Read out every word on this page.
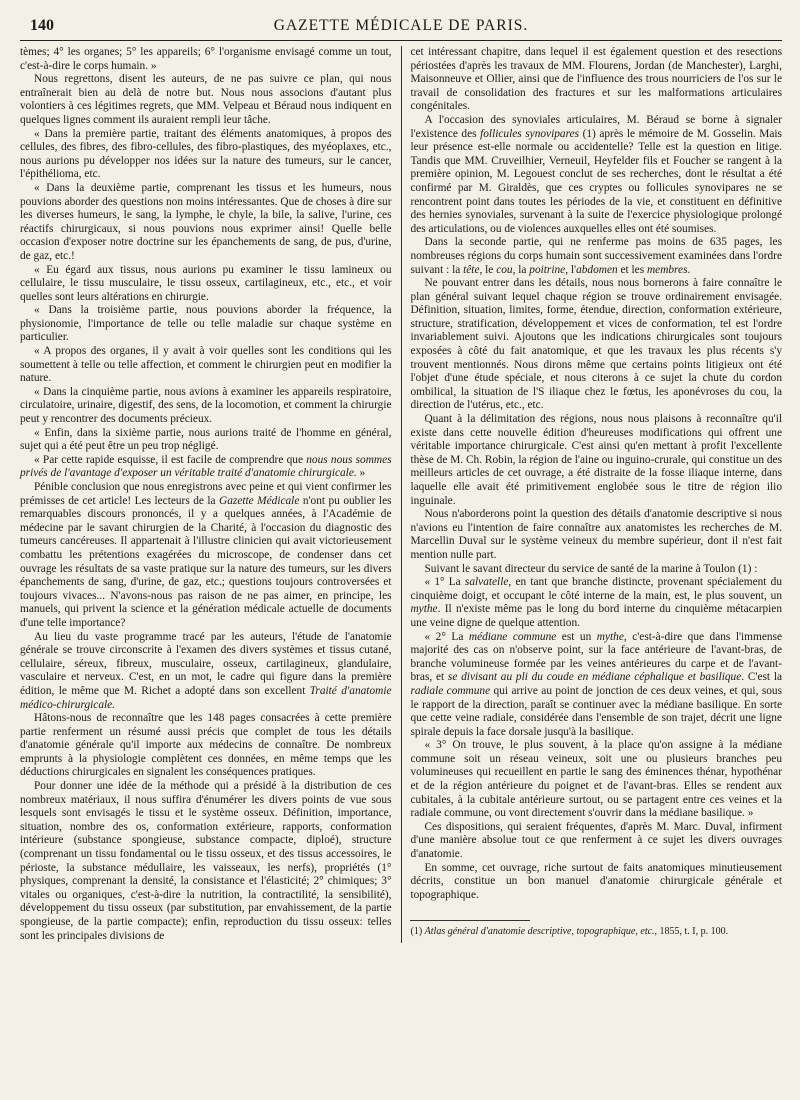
140	GAZETTE MÉDICALE DE PARIS.

tèmes; 4° les organes; 5° les appareils; 6° l'organisme envisagé comme un tout, c'est-à-dire le corps humain. »

Nous regrettons, disent les auteurs, de ne pas suivre ce plan, qui nous entraînerait bien au delà de notre but. Nous nous associons d'autant plus volontiers à ces légitimes regrets, que MM. Velpeau et Béraud nous indiquent en quelques lignes comment ils auraient rempli leur tâche.

« Dans la première partie, traitant des éléments anatomiques, à propos des cellules, des fibres, des fibro-cellules, des fibro-plastiques, des myéoplaxes, etc., nous aurions pu développer nos idées sur la nature des tumeurs, sur le cancer, l'épithélioma, etc.

« Dans la deuxième partie, comprenant les tissus et les humeurs, nous pouvions aborder des questions non moins intéressantes. Que de choses à dire sur les diverses humeurs, le sang, la lymphe, le chyle, la bile, la salive, l'urine, ces réactifs chirurgicaux, si nous pouvions nous exprimer ainsi! Quelle belle occasion d'exposer notre doctrine sur les épanchements de sang, de pus, d'urine, de gaz, etc.!

« Eu égard aux tissus, nous aurions pu examiner le tissu lamineux ou cellulaire, le tissu musculaire, le tissu osseux, cartilagineux, etc., etc., et voir quelles sont leurs altérations en chirurgie.

« Dans la troisième partie, nous pouvions aborder la fréquence, la physionomie, l'importance de telle ou telle maladie sur chaque système en particulier.

« A propos des organes, il y avait à voir quelles sont les conditions qui les soumettent à telle ou telle affection, et comment le chirurgien peut en modifier la nature.

« Dans la cinquième partie, nous avions à examiner les appareils respiratoire, circulatoire, urinaire, digestif, des sens, de la locomotion, et comment la chirurgie peut y rencontrer des documents précieux.

« Enfin, dans la sixième partie, nous aurions traité de l'homme en général, sujet qui a été peut être un peu trop négligé.

« Par cette rapide esquisse, il est facile de comprendre que nous nous sommes privés de l'avantage d'exposer un véritable traité d'anatomie chirurgicale. »

Pénible conclusion que nous enregistrons avec peine et qui vient confirmer les prémisses de cet article! Les lecteurs de la Gazette Médicale n'ont pu oublier les remarquables discours prononcés, il y a quelques années, à l'Académie de médecine par le savant chirurgien de la Charité, à l'occasion du diagnostic des tumeurs cancéreuses. Il appartenait à l'illustre clinicien qui avait victorieusement combattu les prétentions exagérées du microscope, de condenser dans cet ouvrage les résultats de sa vaste pratique sur la nature des tumeurs, sur les divers épanchements de sang, d'urine, de gaz, etc.; questions toujours controversées et toujours vivaces... N'avons-nous pas raison de ne pas aimer, en principe, les manuels, qui privent la science et la génération médicale actuelle de documents d'une telle importance?

Au lieu du vaste programme tracé par les auteurs, l'étude de l'anatomie générale se trouve circonscrite à l'examen des divers systèmes et tissus cutané, cellulaire, séreux, fibreux, musculaire, osseux, cartilagineux, glandulaire, vasculaire et nerveux. C'est, en un mot, le cadre qui figure dans la première édition, le même que M. Richet a adopté dans son excellent Traité d'anatomie médico-chirurgicale.

Hâtons-nous de reconnaître que les 148 pages consacrées à cette première partie renferment un résumé aussi précis que complet de tous les détails d'anatomie générale qu'il importe aux médecins de connaître. De nombreux emprunts à la physiologie complètent ces données, en même temps que les déductions chirurgicales en signalent les conséquences pratiques.

Pour donner une idée de la méthode qui a présidé à la distribution de ces nombreux matériaux, il nous suffira d'énumérer les divers points de vue sous lesquels sont envisagés le tissu et le système osseux. Définition, importance, situation, nombre des os, conformation extérieure, rapports, conformation intérieure (substance spongieuse, substance compacte, diploé), structure (comprenant un tissu fondamental ou le tissu osseux, et des tissus accessoires, le périoste, la substance médullaire, les vaisseaux, les nerfs), propriétés (1° physiques, comprenant la densité, la consistance et l'élasticité; 2° chimiques; 3° vitales ou organiques, c'est-à-dire la nutrition, la contractilité, la sensibilité), développement du tissu osseux (par substitution, par envahissement, de la partie spongieuse, de la partie compacte); enfin, reproduction du tissu osseux: telles sont les principales divisions de

cet intéressant chapitre, dans lequel il est également question et des resections périostées d'après les travaux de MM. Flourens, Jordan (de Manchester), Larghi, Maisonneuve et Ollier, ainsi que de l'influence des trous nourriciers de l'os sur le travail de consolidation des fractures et sur les malformations articulaires congénitales.

A l'occasion des synoviales articulaires, M. Béraud se borne à signaler l'existence des follicules synovipares (1) après le mémoire de M. Gosselin. Mais leur présence est-elle normale ou accidentelle? Telle est la question en litige. Tandis que MM. Cruveilhier, Verneuil, Heyfelder fils et Foucher se rangent à la première opinion, M. Legouest conclut de ses recherches, dont le résultat a été confirmé par M. Giraldès, que ces cryptes ou follicules synovipares ne se rencontrent point dans toutes les périodes de la vie, et constituent en définitive des hernies synoviales, survenant à la suite de l'exercice physiologique prolongé des articulations, ou de violences auxquelles elles ont été soumises.

Dans la seconde partie, qui ne renferme pas moins de 635 pages, les nombreuses régions du corps humain sont successivement examinées dans l'ordre suivant : la tête, le cou, la poitrine, l'abdomen et les membres.

Ne pouvant entrer dans les détails, nous nous bornerons à faire connaître le plan général suivant lequel chaque région se trouve ordinairement envisagée. Définition, situation, limites, forme, étendue, direction, conformation extérieure, structure, stratification, développement et vices de conformation, tel est l'ordre invariablement suivi. Ajoutons que les indications chirurgicales sont toujours exposées à côté du fait anatomique, et que les travaux les plus récents s'y trouvent mentionnés. Nous dirons même que certains points litigieux ont été l'objet d'une étude spéciale, et nous citerons à ce sujet la chute du cordon ombilical, la situation de l'S iliaque chez le fœtus, les aponévroses du cou, la direction de l'utérus, etc., etc.

Quant à la délimitation des régions, nous nous plaisons à reconnaître qu'il existe dans cette nouvelle édition d'heureuses modifications qui offrent une véritable importance chirurgicale. C'est ainsi qu'en mettant à profit l'excellente thèse de M. Ch. Robin, la région de l'aine ou inguino-crurale, qui constitue un des meilleurs articles de cet ouvrage, a été distraite de la fosse iliaque interne, dans laquelle elle avait été primitivement englobée sous le titre de région ilio inguinale.

Nous n'aborderons point la question des détails d'anatomie descriptive si nous n'avions eu l'intention de faire connaître aux anatomistes les recherches de M. Marcellin Duval sur le système veineux du membre supérieur, dont il n'est fait mention nulle part.

Suivant le savant directeur du service de santé de la marine à Toulon (1) :

« 1° La salvatelle, en tant que branche distincte, provenant spécialement du cinquième doigt, et occupant le côté interne de la main, est, le plus souvent, un mythe. Il n'existe même pas le long du bord interne du cinquième métacarpien une veine digne de quelque attention.

« 2° La médiane commune est un mythe, c'est-à-dire que dans l'immense majorité des cas on n'observe point, sur la face antérieure de l'avant-bras, de branche volumineuse formée par les veines antérieures du carpe et de l'avant-bras, et se divisant au pli du coude en médiane céphalique et basilique. C'est la radiale commune qui arrive au point de jonction de ces deux veines, et qui, sous le rapport de la direction, paraît se continuer avec la médiane basilique. En sorte que cette veine radiale, considérée dans l'ensemble de son trajet, décrit une ligne spirale depuis la face dorsale jusqu'à la basilique.

« 3° On trouve, le plus souvent, à la place qu'on assigne à la médiane commune soit un réseau veineux, soit une ou plusieurs branches peu volumineuses qui recueillent en partie le sang des éminences thénar, hypothénar et de la région antérieure du poignet et de l'avant-bras. Elles se rendent aux cubitales, à la cubitale antérieure surtout, ou se partagent entre ces veines et la radiale commune, ou vont directement s'ouvrir dans la médiane basilique. »

Ces dispositions, qui seraient fréquentes, d'après M. Marc. Duval, infirment d'une manière absolue tout ce que renferment à ce sujet les divers ouvrages d'anatomie.

En somme, cet ouvrage, riche surtout de faits anatomiques minutieusement décrits, constitue un bon manuel d'anatomie chirurgicale générale et topographique.

(1) Atlas général d'anatomie descriptive, topographique, etc., 1855, t. I, p. 100.
